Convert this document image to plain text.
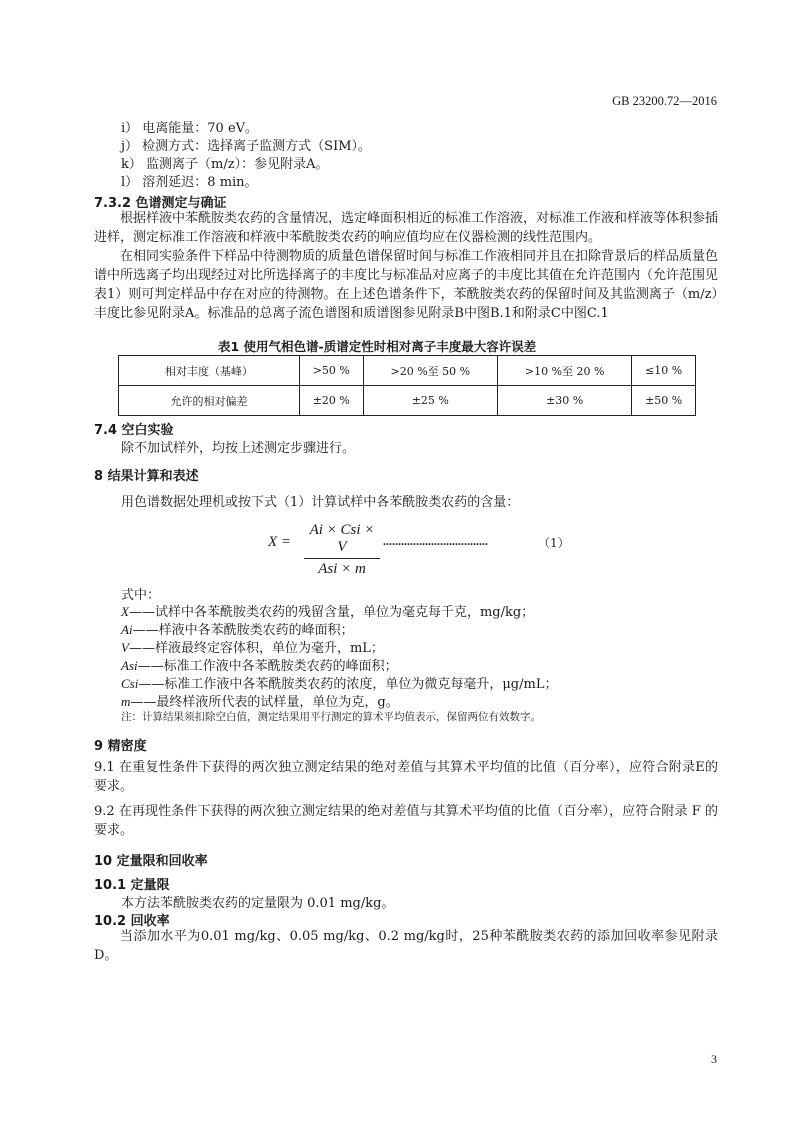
GB 23200.72—2016
i） 电离能量：70 eV。
j） 检测方式：选择离子监测方式（SIM）。
k） 监测离子（m/z）：参见附录A。
l） 溶剂延迟：8 min。
7.3.2 色谱测定与确证
根据样液中苯酰胺类农药的含量情况，选定峰面积相近的标准工作溶液，对标准工作液和样液等体积参插进样，测定标准工作溶液和样液中苯酰胺类农药的响应值均应在仪器检测的线性范围内。
在相同实验条件下样品中待测物质的质量色谱保留时间与标准工作液相同并且在扣除背景后的样品质量色谱中所选离子均出现经过对比所选择离子的丰度比与标准品对应离子的丰度比其值在允许范围内（允许范围见表1）则可判定样品中存在对应的待测物。在上述色谱条件下，苯酰胺类农药的保留时间及其监测离子（m/z）丰度比参见附录A。标准品的总离子流色谱图和质谱图参见附录B中图B.1和附录C中图C.1
表1 使用气相色谱-质谱定性时相对离子丰度最大容许误差
相对丰度（基峰）	>50 %	>20 %至 50 %	>10 %至 20 %	≤10 %
允许的相对偏差	±20 %	±25 %	±30 %	±50 %
7.4 空白实验
除不加试样外，均按上述测定步骤进行。
8 结果计算和表述
用色谱数据处理机或按下式（1）计算试样中各苯酰胺类农药的含量：
X =
Ai × Csi × V
Asi × m
...................................	（1）
式中：
X——试样中各苯酰胺类农药的残留含量，单位为毫克每千克，mg/kg；
Ai——样液中各苯酰胺类农药的峰面积；
V——样液最终定容体积，单位为毫升，mL；
Asi——标准工作液中各苯酰胺类农药的峰面积；
Csi——标准工作液中各苯酰胺类农药的浓度，单位为微克每毫升，μg/mL；
m——最终样液所代表的试样量，单位为克，g。
注：计算结果须扣除空白值，测定结果用平行测定的算术平均值表示，保留两位有效数字。
9 精密度
9.1 在重复性条件下获得的两次独立测定结果的绝对差值与其算术平均值的比值（百分率），应符合附录E的要求。
9.2 在再现性条件下获得的两次独立测定结果的绝对差值与其算术平均值的比值（百分率），应符合附录 F 的要求。
10 定量限和回收率
10.1 定量限
本方法苯酰胺类农药的定量限为 0.01 mg/kg。
10.2 回收率
当添加水平为0.01 mg/kg、0.05 mg/kg、0.2 mg/kg时，25种苯酰胺类农药的添加回收率参见附录D。
3
